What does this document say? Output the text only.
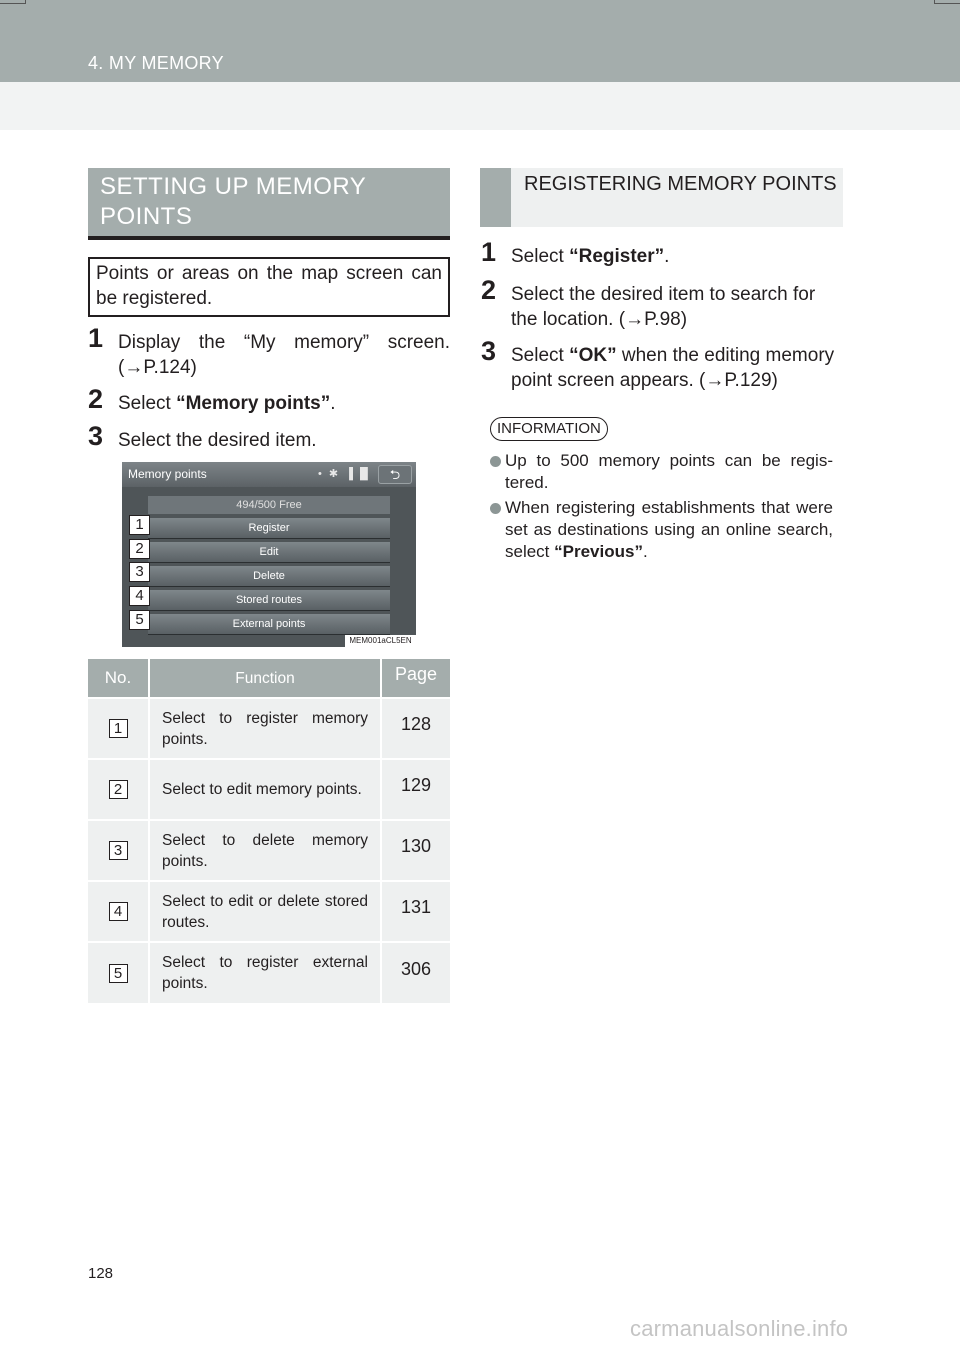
4. MY MEMORY
SETTING UP MEMORY POINTS
Points or areas on the map screen can be registered.
1 Display the “My memory” screen. (→P.124)
2 Select “Memory points”.
3 Select the desired item.
Memory points	• ✱ ▐ █	⮌
494/500 Free
Register
Edit
Delete
Stored routes
External points
1
2
3
4
5
MEM001aCL5EN
No.	Function	Page
1	Select to register memory points.	128
2	Select to edit memory points.	129
3	Select to delete memory points.	130
4	Select to edit or delete stored routes.	131
5	Select to register external points.	306
REGISTERING MEMORY POINTS
1 Select “Register”.
2 Select the desired item to search for the location. (→P.98)
3 Select “OK” when the editing memory point screen appears. (→P.129)
INFORMATION
Up to 500 memory points can be regis-tered.
When registering establishments that were set as destinations using an online search, select “Previous”.
128
carmanualsonline.info
